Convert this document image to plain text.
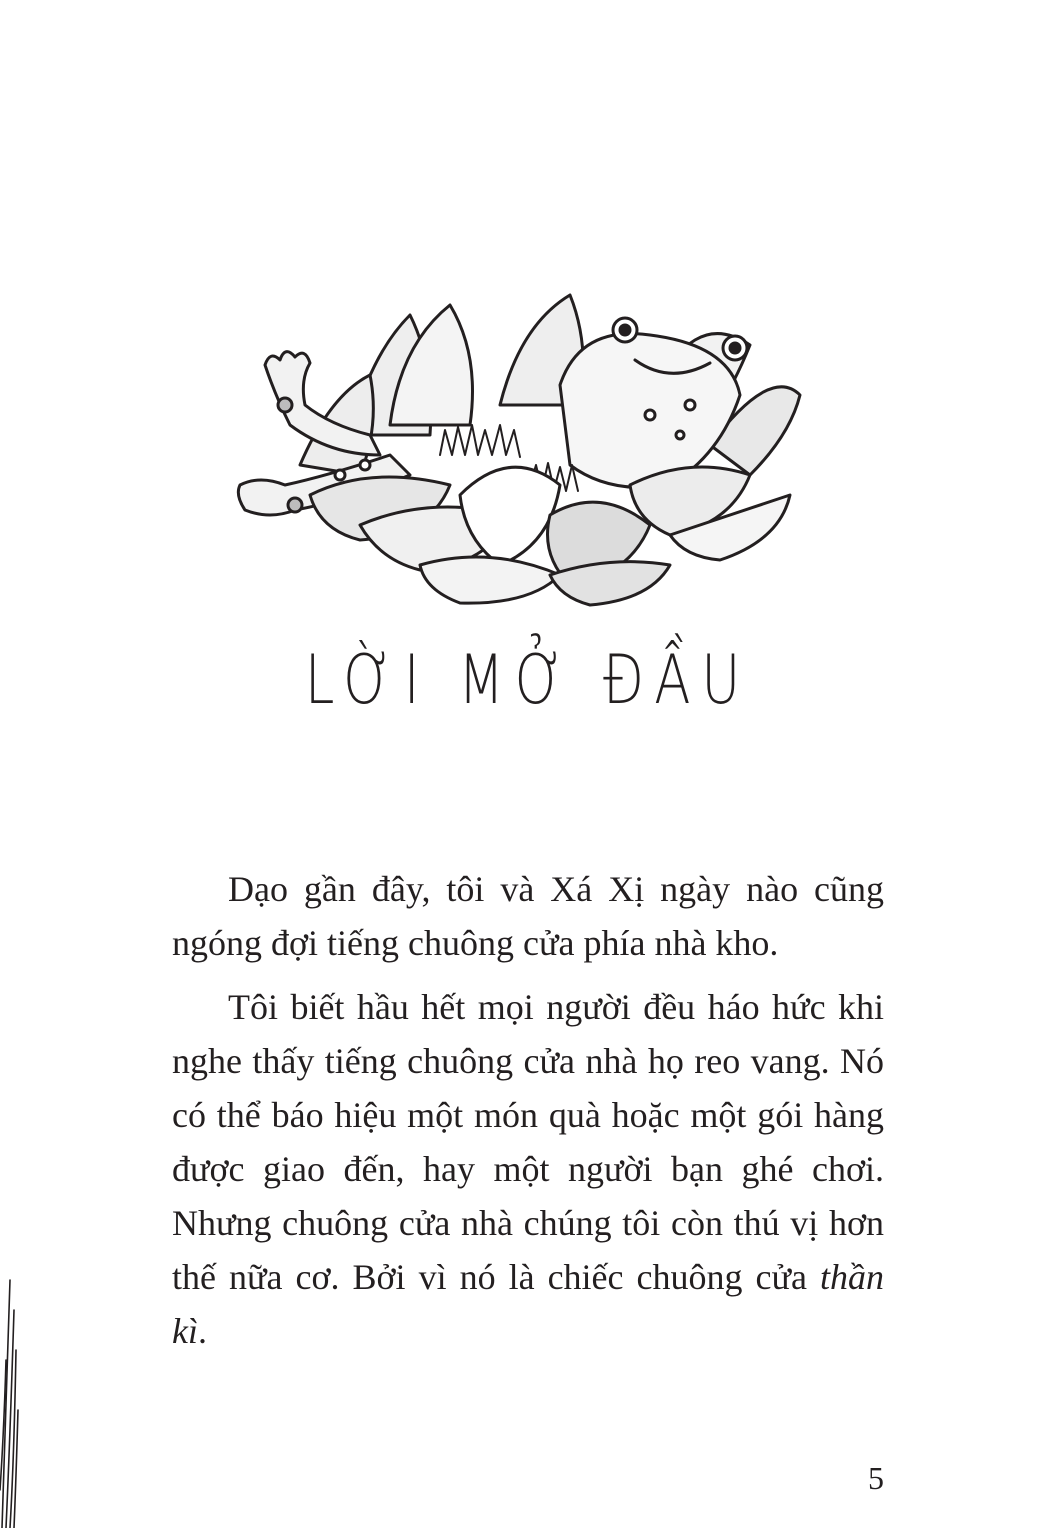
LỜI MỞ ĐẦU

Dạo gần đây, tôi và Xá Xị ngày nào cũng ngóng đợi tiếng chuông cửa phía nhà kho.

Tôi biết hầu hết mọi người đều háo hức khi nghe thấy tiếng chuông cửa nhà họ reo vang. Nó có thể báo hiệu một món quà hoặc một gói hàng được giao đến, hay một người bạn ghé chơi. Nhưng chuông cửa nhà chúng tôi còn thú vị hơn thế nữa cơ. Bởi vì nó là chiếc chuông cửa thần kì.

5
